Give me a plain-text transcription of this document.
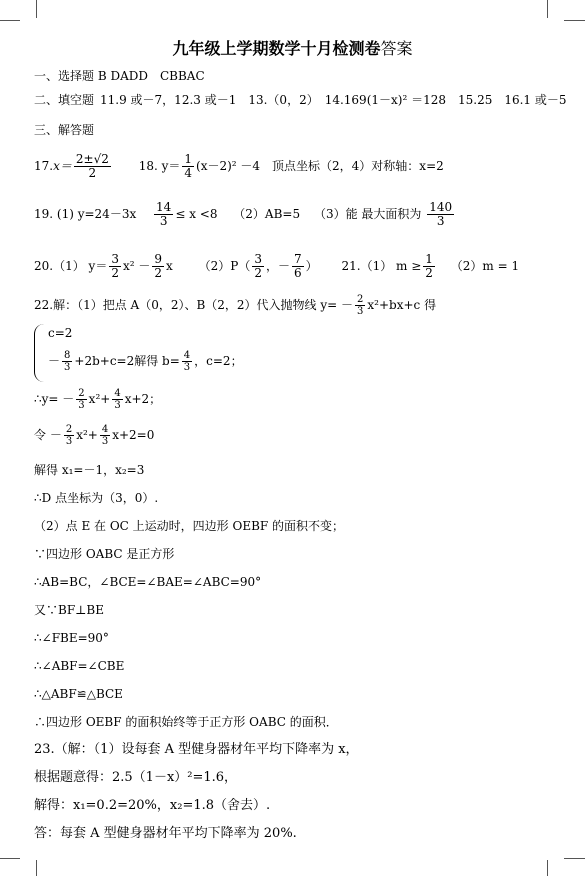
九年级上学期数学十月检测卷答案
一、选择题 B DADD　CBBAC
二、填空题 11.9 或－7，12.3 或－1　13.（0，2）　14.169(1－x)² ＝128　15.25　16.1 或－5
三、解答题
$17.x= \frac{2\pm√2}{2} 18$. $y= \frac{1}{4} (x-2)^2 -4$　顶点坐标（2，4）对称轴：x=2
19. (1) $y=24-3x \frac{14}{3} \le x <8$ （2）AB=5 （3）能 最大面积为 $\frac{140}{3}$
20.（1） $y= \frac{3}{2} x^2 - \frac{9}{2}$ x $(2)P( \frac{3}{2}$ ，－ $\frac{7}{6}$ ） 21.（1） $m \ge \frac{1}{2} (2)m = 1$
22.解：（1）把点 A（0，2）、B（2，2）代入抛物线 $y= - \frac{2}{3} x^2+bx+c$ 得
c=2
－ $\frac{8}{3} +2b+c=2$解得 $b= \frac{4}{3}$ ，c=2；
∴y= － $\frac{2}{3} x^2+ \frac{4}{3} x+2$；
令 － $\frac{2}{3} x^2+ \frac{4}{3} x+2=0$
解得 x₁=－1，x₂=3
∴D 点坐标为（3，0）.
（2）点 E 在 OC 上运动时，四边形 OEBF 的面积不变；
∵四边形 OABC 是正方形
∴AB=BC，∠BCE=∠BAE=∠ABC=90°
又∵BF⊥BE
∴∠FBE=90°
∴∠ABF=∠CBE
∴△ABF≌△BCE
∴四边形 OEBF 的面积始终等于正方形 OABC 的面积．
23.（解：（1）设每套 A 型健身器材年平均下降率为 x，
根据题意得：2.5（1－x）²=1.6，
解得：x₁=0.2=20%，x₂=1.8（舍去）.
答：每套 A 型健身器材年平均下降率为 20%.
